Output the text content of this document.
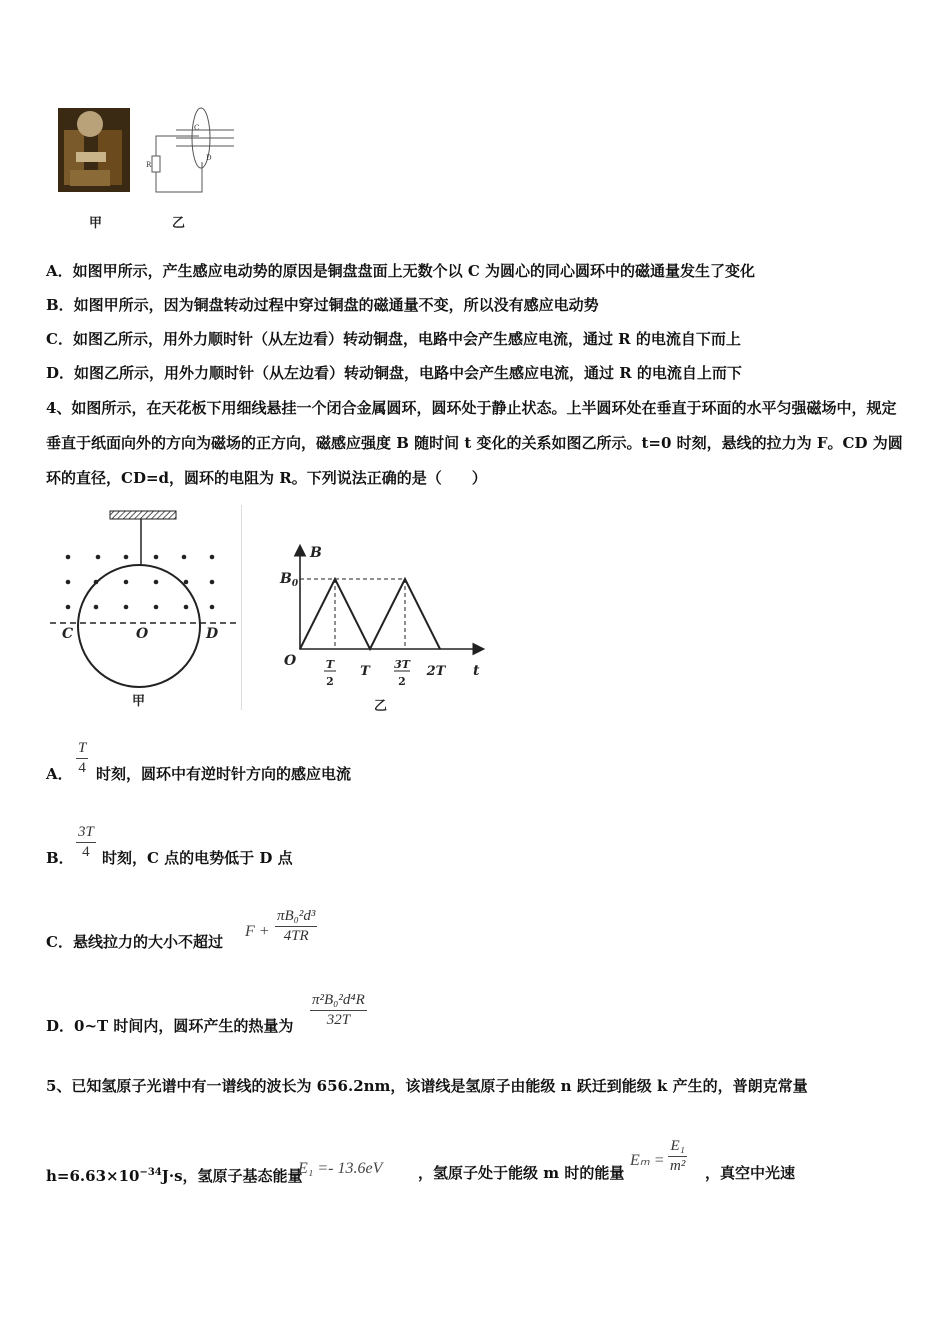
C
D
R
甲	乙
A．如图甲所示，产生感应电动势的原因是铜盘盘面上无数个以 C 为圆心的同心圆环中的磁通量发生了变化
B．如图甲所示，因为铜盘转动过程中穿过铜盘的磁通量不变，所以没有感应电动势
C．如图乙所示，用外力顺时针（从左边看）转动铜盘，电路中会产生感应电流，通过 R 的电流自下而上
D．如图乙所示，用外力顺时针（从左边看）转动铜盘，电路中会产生感应电流，通过 R 的电流自上而下
4、如图所示，在天花板下用细线悬挂一个闭合金属圆环，圆环处于静止状态。上半圆环处在垂直于环面的水平匀强磁场中，规定垂直于纸面向外的方向为磁场的正方向，磁感应强度 B 随时间 t 变化的关系如图乙所示。t=0 时刻，悬线的拉力为 F。CD 为圆环的直径，CD=d，圆环的电阻为 R。下列说法正确的是（　　）
C	O	D
甲
B
t
O
$B_0$
T
2
T 3T
2
2T
乙
A．
T
4 时刻，圆环中有逆时针方向的感应电流
B．
3T
4 时刻，C 点的电势低于 D 点
C．悬线拉力的大小不超过
F +
πB₀²d³
4TR
D．0~T 时间内，圆环产生的热量为
π²B₀²d⁴R
32T
5、已知氢原子光谱中有一谱线的波长为 656.2nm，该谱线是氢原子由能级 n 跃迁到能级 k 产生的，普朗克常量
$h=6.63\times 10^{-34}J\cdot s$，氢原子基态能量
E₁ =- 13.6eV ，氢原子处于能级 m 时的能量
Eₘ =
E₁
m² ，真空中光速
